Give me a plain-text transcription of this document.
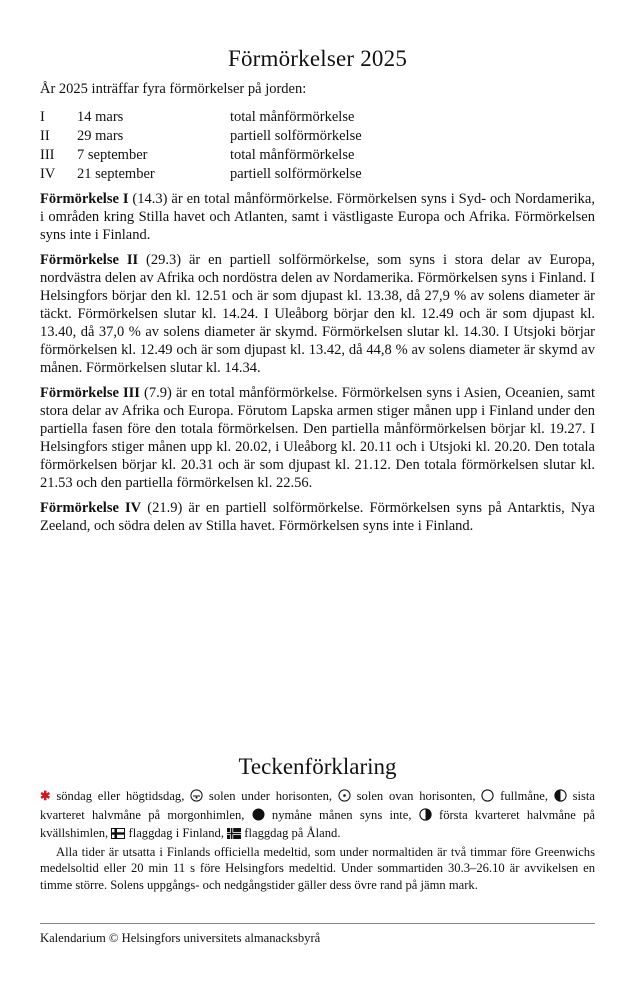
Förmörkelser 2025
År 2025 inträffar fyra förmörkelser på jorden:
I	14 mars	total månförmörkelse
II	29 mars	partiell solförmörkelse
III	7 september	total månförmörkelse
IV	21 september	partiell solförmörkelse

Förmörkelse I (14.3) är en total månförmörkelse. Förmörkelsen syns i Syd- och Nordamerika, i områden kring Stilla havet och Atlanten, samt i västligaste Europa och Afrika. Förmörkelsen syns inte i Finland.

Förmörkelse II (29.3) är en partiell solförmörkelse, som syns i stora delar av Europa, nordvästra delen av Afrika och nordöstra delen av Nordamerika. Förmörkelsen syns i Finland. I Helsingfors börjar den kl. 12.51 och är som djupast kl. 13.38, då 27,9 % av solens diameter är täckt. Förmörkelsen slutar kl. 14.24. I Uleåborg börjar den kl. 12.49 och är som djupast kl. 13.40, då 37,0 % av solens diameter är skymd. Förmörkelsen slutar kl. 14.30. I Utsjoki börjar förmörkelsen kl. 12.49 och är som djupast kl. 13.42, då 44,8 % av solens diameter är skymd av månen. Förmörkelsen slutar kl. 14.34.

Förmörkelse III (7.9) är en total månförmörkelse. Förmörkelsen syns i Asien, Oceanien, samt stora delar av Afrika och Europa. Förutom Lapska armen stiger månen upp i Finland under den partiella fasen före den totala förmörkelsen. Den partiella månförmörkelsen börjar kl. 19.27. I Helsingfors stiger månen upp kl. 20.02, i Uleåborg kl. 20.11 och i Utsjoki kl. 20.20. Den totala förmörkelsen börjar kl. 20.31 och är som djupast kl. 21.12. Den totala förmörkelsen slutar kl. 21.53 och den partiella förmörkelsen kl. 22.56.

Förmörkelse IV (21.9) är en partiell solförmörkelse. Förmörkelsen syns på Antarktis, Nya Zeeland, och södra delen av Stilla havet. Förmörkelsen syns inte i Finland.

Teckenförklaring

✱ söndag eller högtidsdag,  solen under horisonten,  solen ovan horisonten,  fullmåne,  sista kvarteret halvmåne på morgonhimlen,  nymåne månen syns inte,  första kvarteret halvmåne på kvällshimlen,  flaggdag i Finland,  flaggdag på Åland.

Alla tider är utsatta i Finlands officiella medeltid, som under normaltiden är två timmar före Greenwichs medelsoltid eller 20 min 11 s före Helsingfors medeltid. Under sommartiden 30.3–26.10 är avvikelsen en timme större. Solens uppgångs- och nedgångstider gäller dess övre rand på jämn mark.

Kalendarium © Helsingfors universitets almanacksbyrå
